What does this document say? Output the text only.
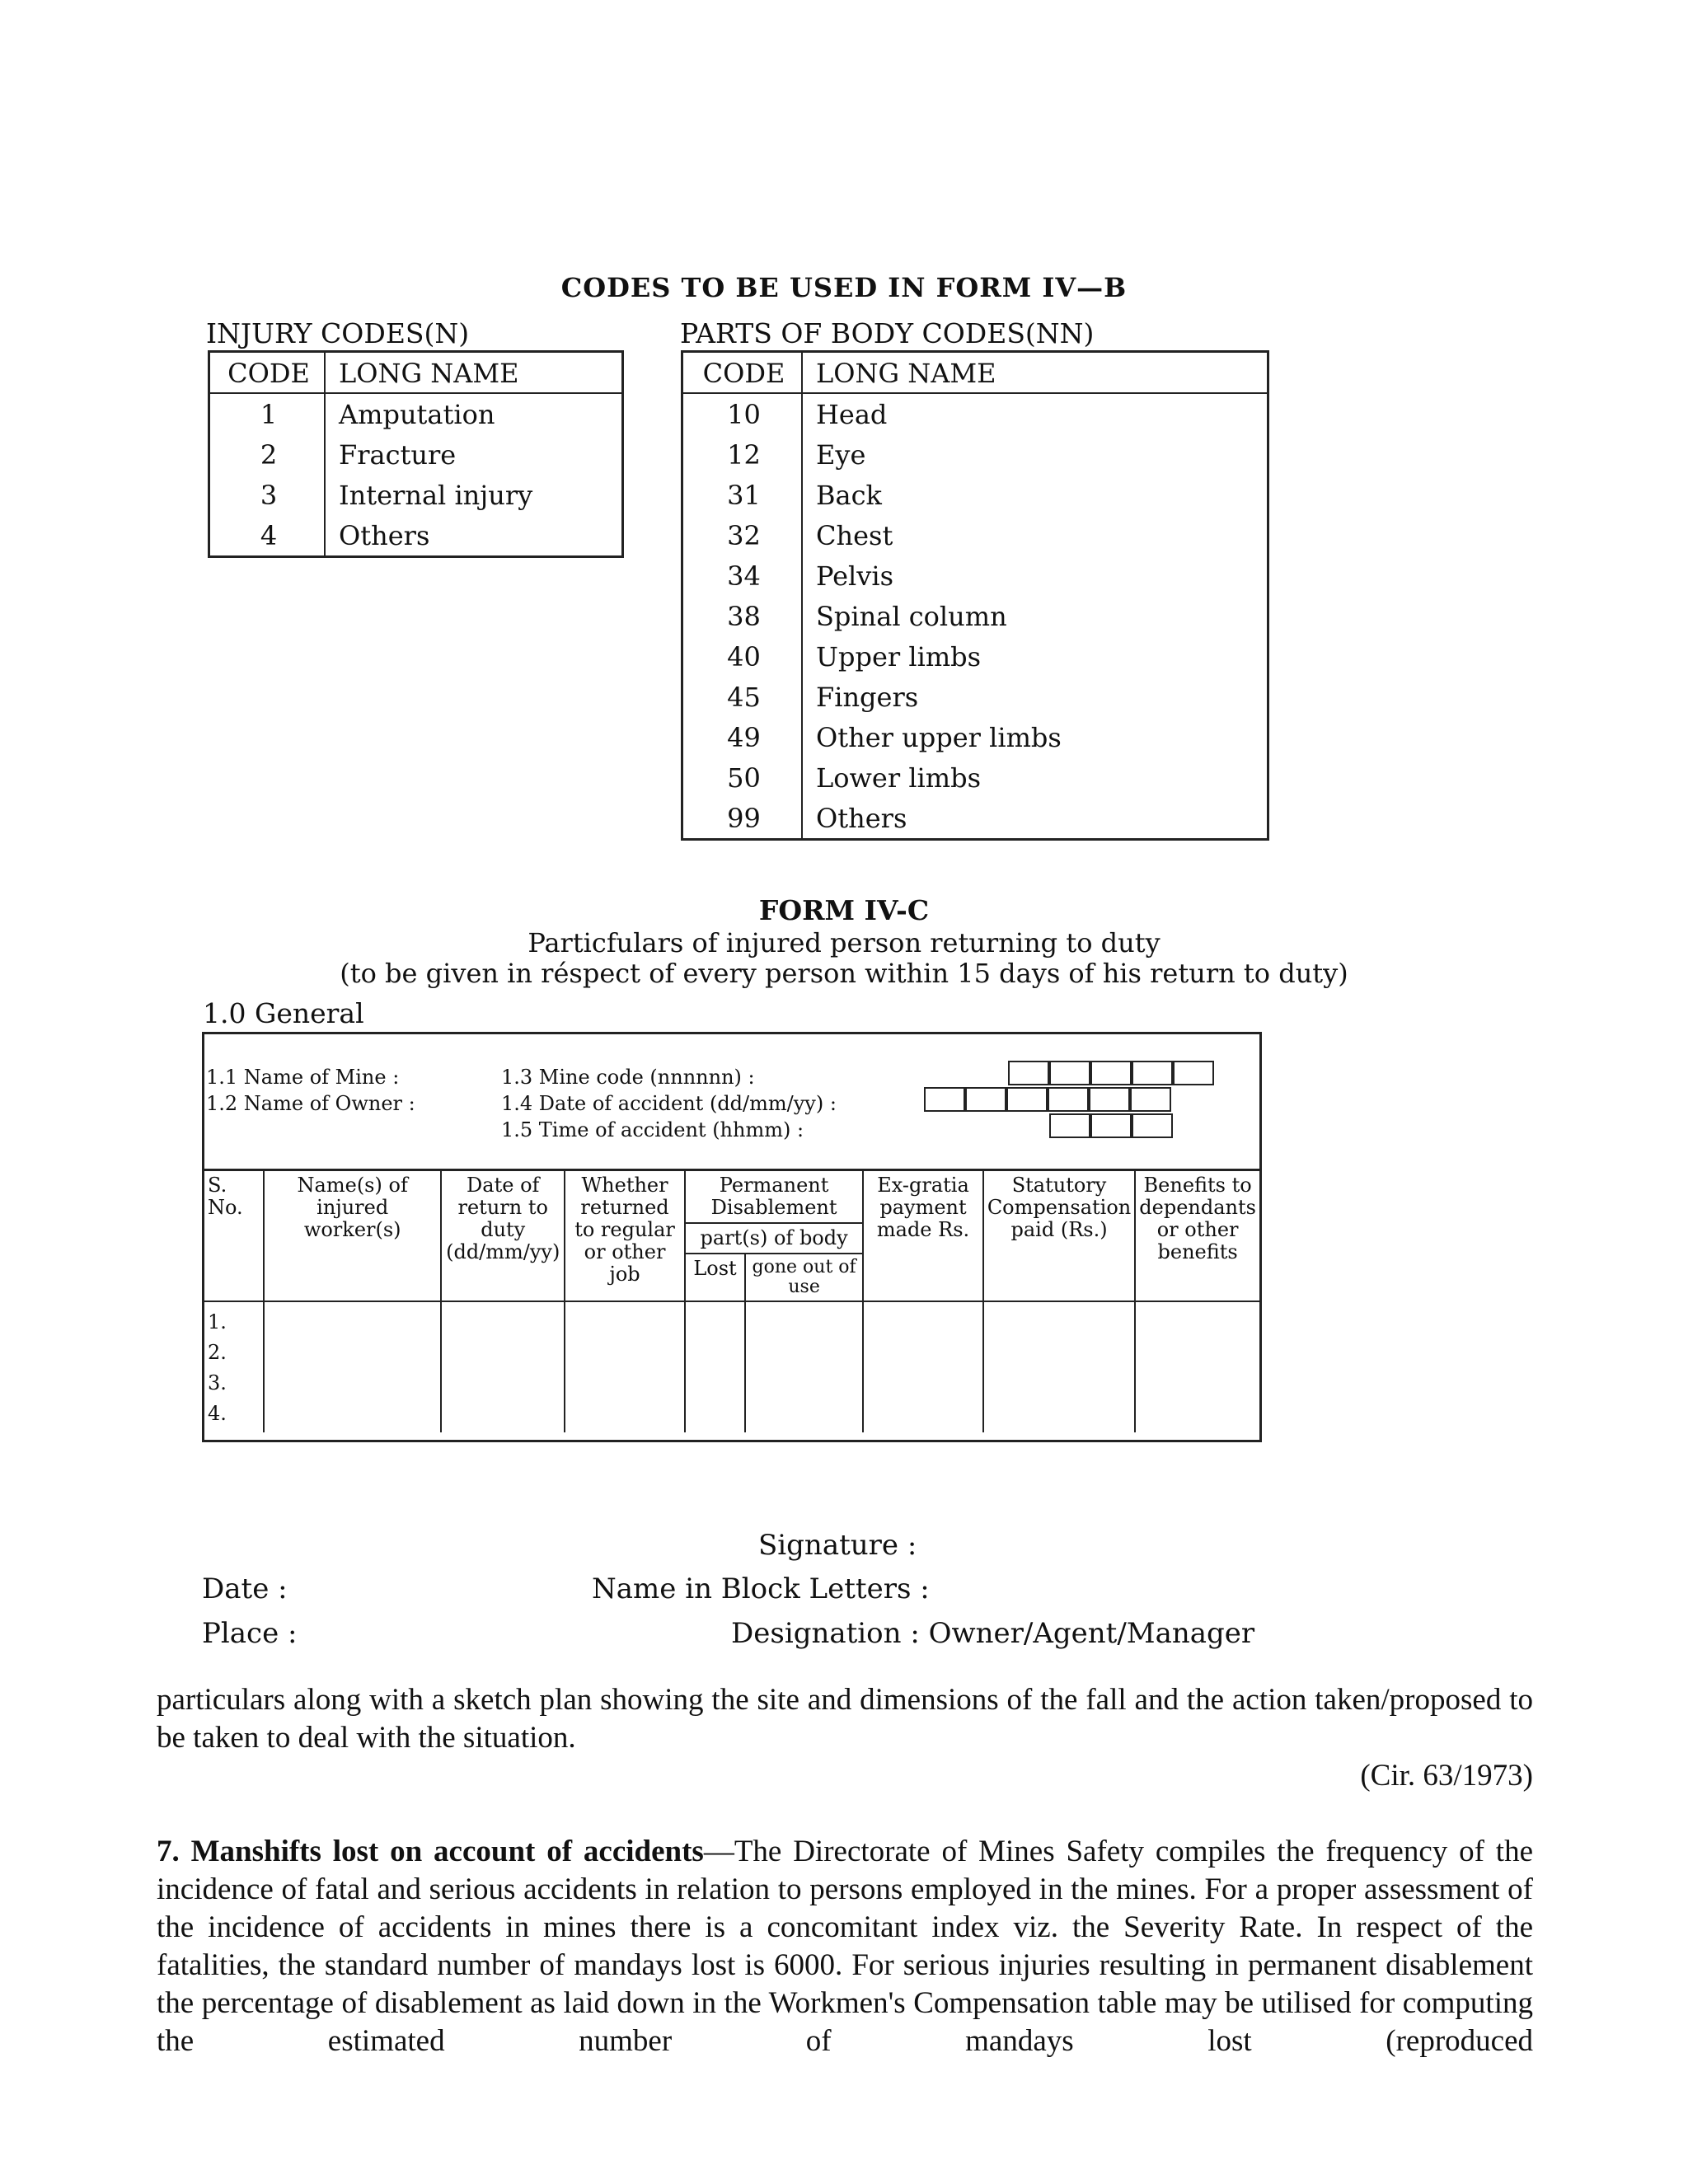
CODES TO BE USED IN FORM IV—B
INJURY CODES(N)
CODE	LONG NAME
1	Amputation
2	Fracture
3	Internal injury
4	Others
PARTS OF BODY CODES(NN)
CODE	LONG NAME
10	Head
12	Eye
31	Back
32	Chest
34	Pelvis
38	Spinal column
40	Upper limbs
45	Fingers
49	Other upper limbs
50	Lower limbs
99	Others
FORM IV-C
Particfulars of injured person returning to duty
(to be given in réspect of every person within 15 days of his return to duty)
1.0 General
1.1 Name of Mine :
1.2 Name of Owner :
1.3 Mine code (nnnnnn) :
1.4 Date of accident (dd/mm/yy) :
1.5 Time of accident (hhmm) :
S. No.	Name(s) of injured worker(s)	Date of return to duty (dd/mm/yy)	Whether returned to regular or other job	Permanent Disablement		Ex-gratia payment made Rs.	Statutory Compensation paid (Rs.)	Benefits to dependants or other benefits
				part(s) of body				
				Lost	gone out of use			

1.
2.
3.
4.								

Signature :
Date :	Name in Block Letters :
Place :	Designation : Owner/Agent/Manager

particulars along with a sketch plan showing the site and dimensions of the fall and the action taken/proposed to be taken to deal with the situation.

(Cir. 63/1973)

7. Manshifts lost on account of accidents—The Directorate of Mines Safety compiles the frequency of the incidence of fatal and serious accidents in relation to persons employed in the mines. For a proper assessment of the incidence of accidents in mines there is a concomitant index viz. the Severity Rate. In respect of the fatalities, the standard number of mandays lost is 6000. For serious injuries resulting in permanent disablement the percentage of disablement as laid down in the Workmen's Compensation table may be utilised for computing the estimated number of mandays lost (reproduced
